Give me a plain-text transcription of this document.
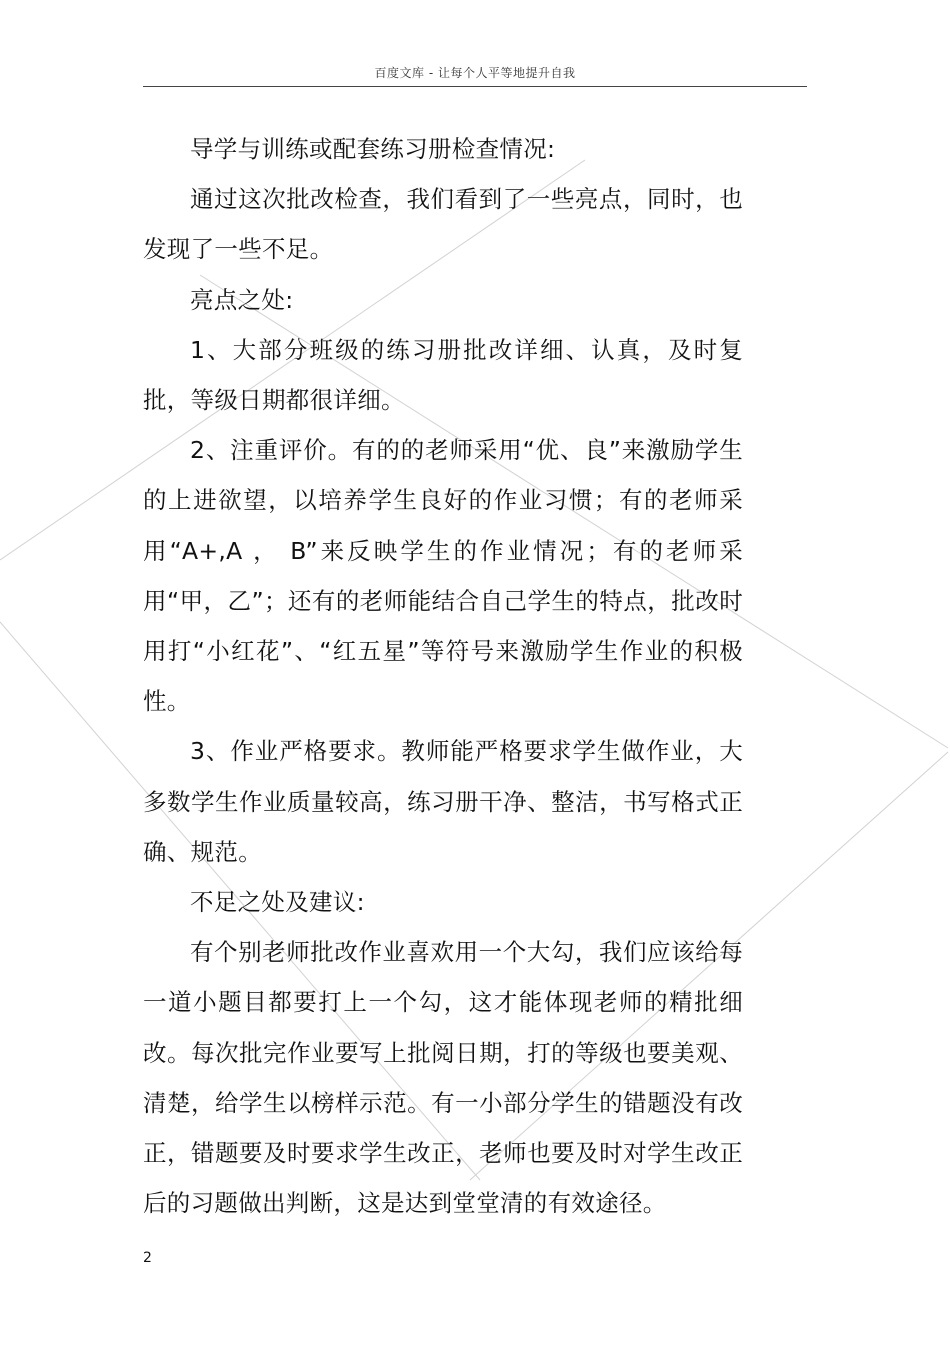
百度文库 - 让每个人平等地提升自我

导学与训练或配套练习册检查情况:

通过这次批改检查，我们看到了一些亮点，同时，也发现了一些不足。

亮点之处:

1、大部分班级的练习册批改详细、认真，及时复批，等级日期都很详细。

2、注重评价。有的的老师采用“优、良”来激励学生的上进欲望，以培养学生良好的作业习惯；有的老师采用“A+,A ， B”来反映学生的作业情况；有的老师采用“甲，乙”；还有的老师能结合自己学生的特点，批改时用打“小红花”、“红五星”等符号来激励学生作业的积极性。

3、作业严格要求。教师能严格要求学生做作业，大多数学生作业质量较高，练习册干净、整洁，书写格式正确、规范。

不足之处及建议:

有个别老师批改作业喜欢用一个大勾，我们应该给每一道小题目都要打上一个勾，这才能体现老师的精批细改。每次批完作业要写上批阅日期，打的等级也要美观、清楚，给学生以榜样示范。有一小部分学生的错题没有改正，错题要及时要求学生改正，老师也要及时对学生改正后的习题做出判断，这是达到堂堂清的有效途径。

2
